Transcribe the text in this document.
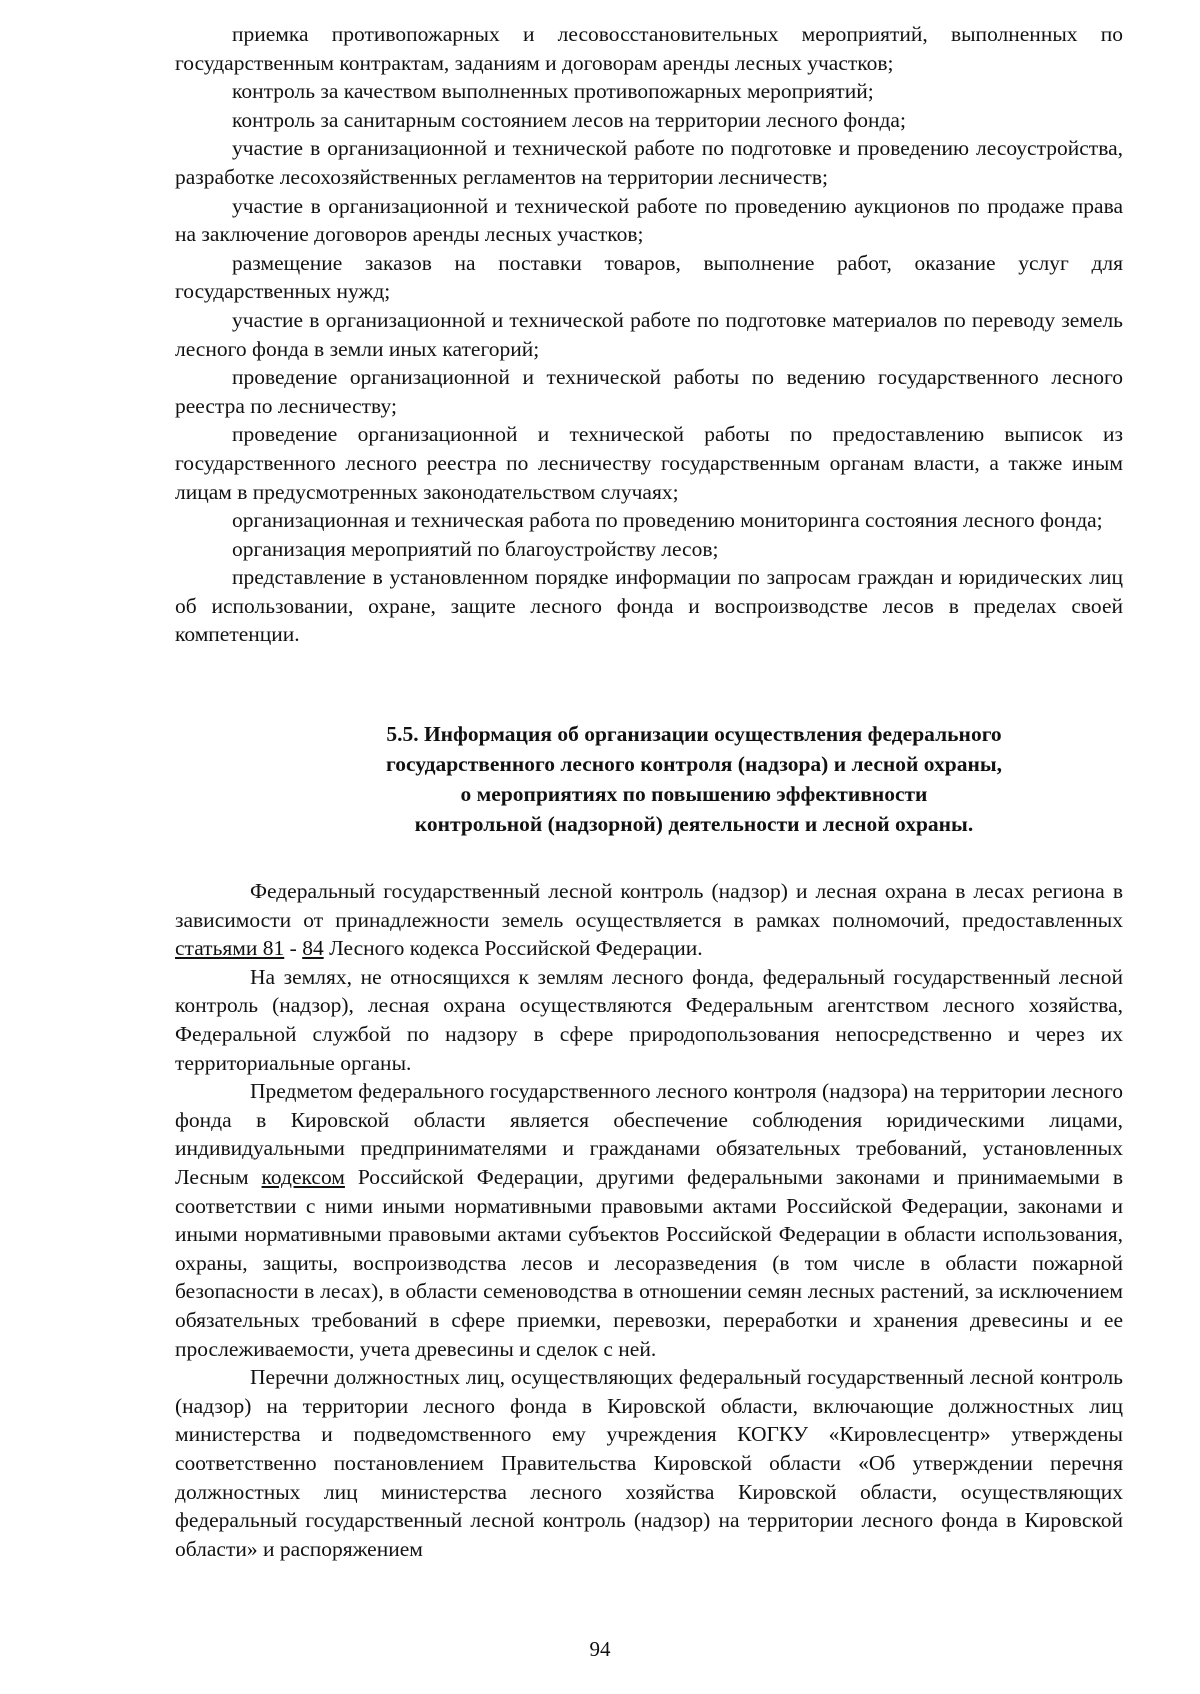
приемка противопожарных и лесовосстановительных мероприятий, выполненных по государственным контрактам, заданиям и договорам аренды лесных участков;

контроль за качеством выполненных противопожарных мероприятий;

контроль за санитарным состоянием лесов на территории лесного фонда;

участие в организационной и технической работе по подготовке и проведению лесоустройства, разработке лесохозяйственных регламентов на территории лесничеств;

участие в организационной и технической работе по проведению аукционов по продаже права на заключение договоров аренды лесных участков;

размещение заказов на поставки товаров, выполнение работ, оказание услуг для государственных нужд;

участие в организационной и технической работе по подготовке материалов по переводу земель лесного фонда в земли иных категорий;

проведение организационной и технической работы по ведению государственного лесного реестра по лесничеству;

проведение организационной и технической работы по предоставлению выписок из государственного лесного реестра по лесничеству государственным органам власти, а также иным лицам в предусмотренных законодательством случаях;

организационная и техническая работа по проведению мониторинга состояния лесного фонда;

организация мероприятий по благоустройству лесов;

представление в установленном порядке информации по запросам граждан и юридических лиц об использовании, охране, защите лесного фонда и воспроизводстве лесов в пределах своей компетенции.

5.5. Информация об организации осуществления федерального
государственного лесного контроля (надзора) и лесной охраны,
о мероприятиях по повышению эффективности
контрольной (надзорной) деятельности и лесной охраны.

Федеральный государственный лесной контроль (надзор) и лесная охрана в лесах региона в зависимости от принадлежности земель осуществляется в рамках полномочий, предоставленных статьями 81 - 84 Лесного кодекса Российской Федерации.

На землях, не относящихся к землям лесного фонда, федеральный государственный лесной контроль (надзор), лесная охрана осуществляются Федеральным агентством лесного хозяйства, Федеральной службой по надзору в сфере природопользования непосредственно и через их территориальные органы.

Предметом федерального государственного лесного контроля (надзора) на территории лесного фонда в Кировской области является обеспечение соблюдения юридическими лицами, индивидуальными предпринимателями и гражданами обязательных требований, установленных Лесным кодексом Российской Федерации, другими федеральными законами и принимаемыми в соответствии с ними иными нормативными правовыми актами Российской Федерации, законами и иными нормативными правовыми актами субъектов Российской Федерации в области использования, охраны, защиты, воспроизводства лесов и лесоразведения (в том числе в области пожарной безопасности в лесах), в области семеноводства в отношении семян лесных растений, за исключением обязательных требований в сфере приемки, перевозки, переработки и хранения древесины и ее прослеживаемости, учета древесины и сделок с ней.

Перечни должностных лиц, осуществляющих федеральный государственный лесной контроль (надзор) на территории лесного фонда в Кировской области, включающие должностных лиц министерства и подведомственного ему учреждения КОГКУ «Кировлесцентр» утверждены соответственно постановлением Правительства Кировской области «Об утверждении перечня должностных лиц министерства лесного хозяйства Кировской области, осуществляющих федеральный государственный лесной контроль (надзор) на территории лесного фонда в Кировской области» и распоряжением

94
